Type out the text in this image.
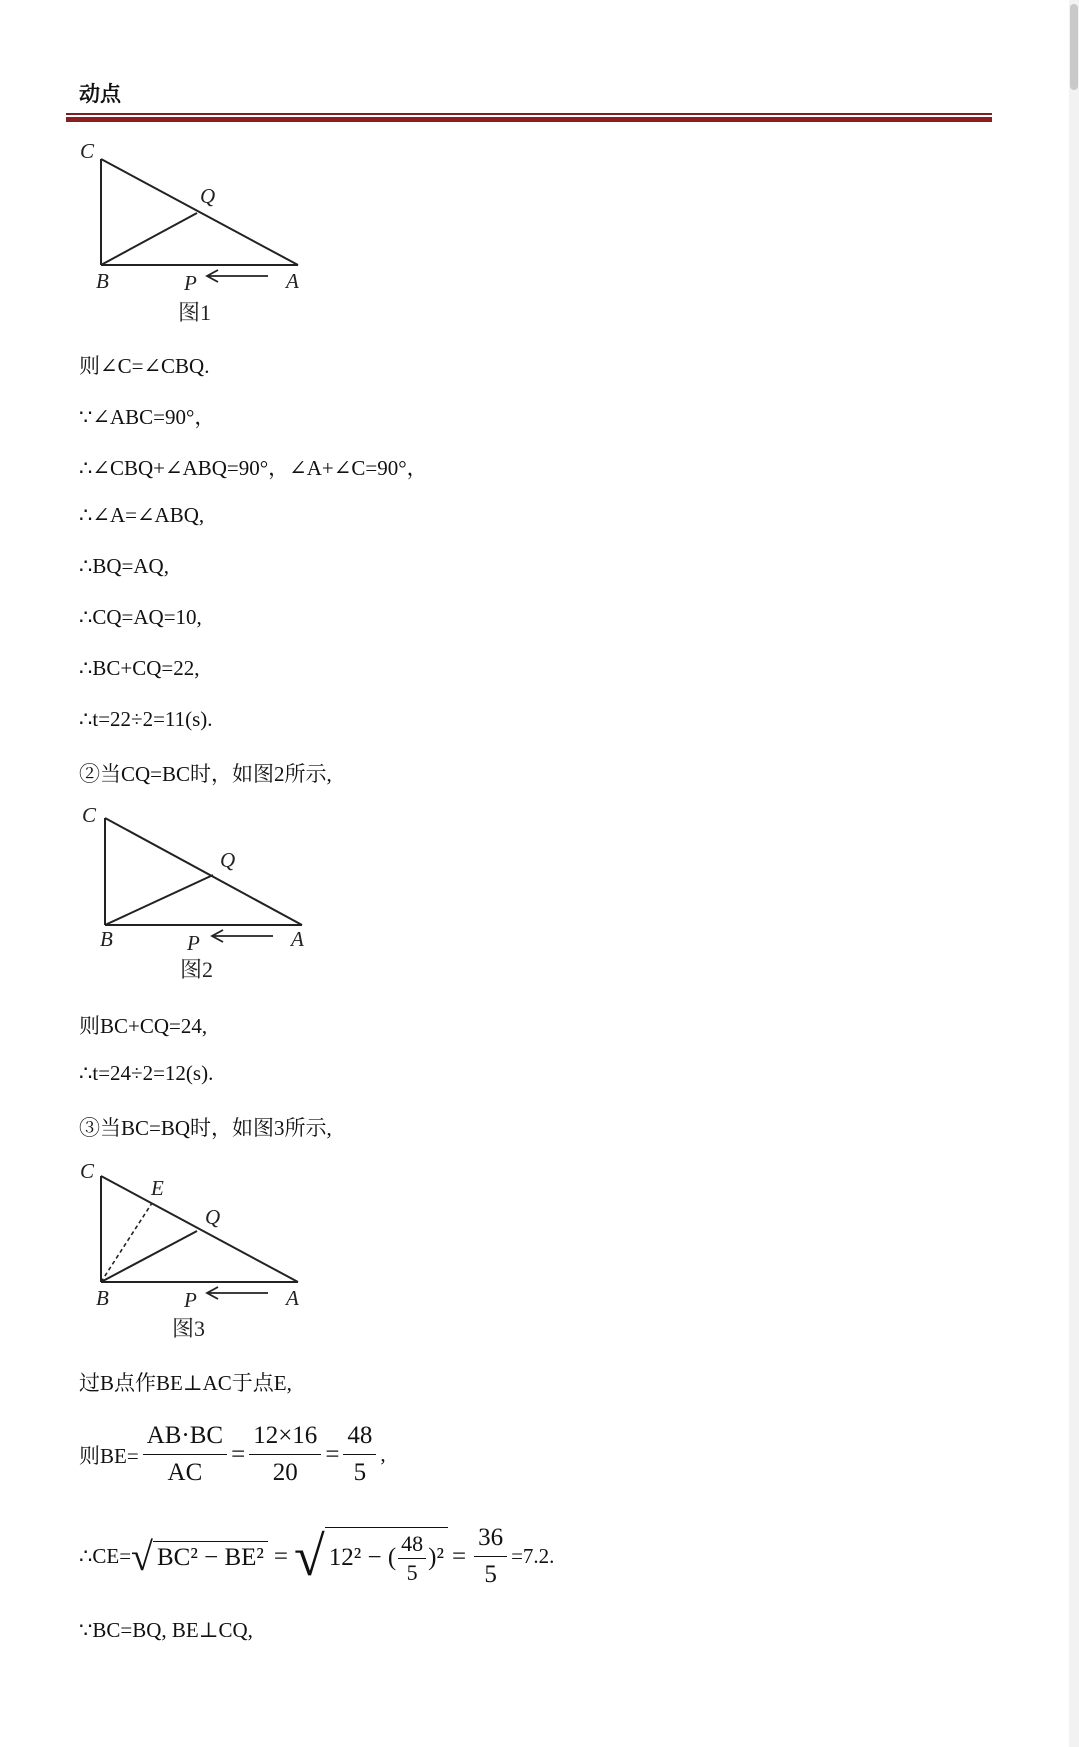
动点
C
Q
B	P	A
图1
则∠C=∠CBQ.
∵∠ABC=90°，
∴∠CBQ+∠ABQ=90°，∠A+∠C=90°，
∴∠A=∠ABQ,
∴BQ=AQ,
∴CQ=AQ=10,
∴BC+CQ=22,
∴t=22÷2=11(s).
②当CQ=BC时，如图2所示,
C
Q
B	P	A
图2
则BC+CQ=24,
∴t=24÷2=12(s).
③当BC=BQ时，如图3所示,
C
E
Q
B	P	A
图3
过B点作BE⊥AC于点E,
则$BE= \frac{AB\cdot BC}{AC} = \frac{12\times 16}{20} = \frac{48}{5}$ ,
∴CE= √ BC² − BE² = √ 12² − ( $\frac{48}{5} )^2 = \frac{36}{5} =7.2$.
∵BC=BQ, BE⊥CQ,
